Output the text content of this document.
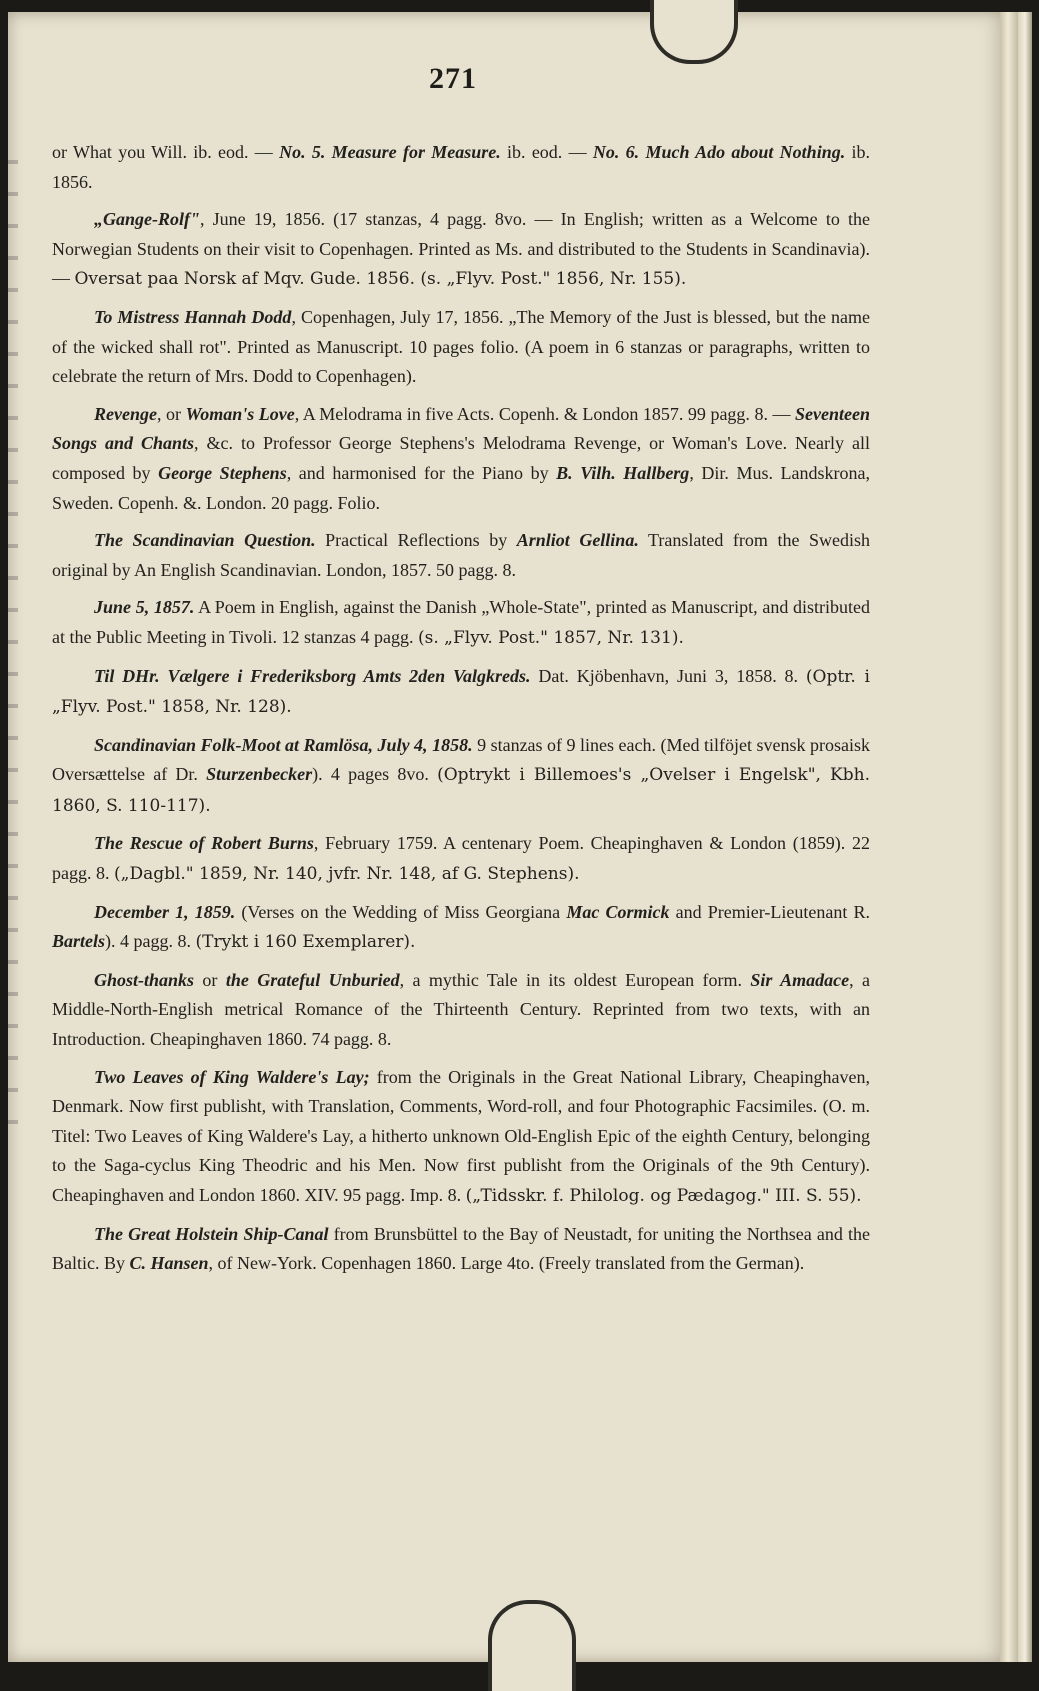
271

or What you Will. ib. eod. — No. 5. Measure for Measure. ib. eod. — No. 6. Much Ado about Nothing. ib. 1856.

„Gange-Rolf", June 19, 1856. (17 stanzas, 4 pagg. 8vo. — In English; written as a Welcome to the Norwegian Students on their visit to Copenhagen. Printed as Ms. and distributed to the Students in Scandinavia). — Oversat paa Norsk af Mqv. Gude. 1856. (s. „Flyv. Post." 1856, Nr. 155).

To Mistress Hannah Dodd, Copenhagen, July 17, 1856. „The Memory of the Just is blessed, but the name of the wicked shall rot". Printed as Manuscript. 10 pages folio. (A poem in 6 stanzas or paragraphs, written to celebrate the return of Mrs. Dodd to Copenhagen).

Revenge, or Woman's Love, A Melodrama in five Acts. Copenh. & London 1857. 99 pagg. 8. — Seventeen Songs and Chants, &c. to Professor George Stephens's Melodrama Revenge, or Woman's Love. Nearly all composed by George Stephens, and harmonised for the Piano by B. Vilh. Hallberg, Dir. Mus. Landskrona, Sweden. Copenh. &. London. 20 pagg. Folio.

The Scandinavian Question. Practical Reflections by Arnliot Gellina. Translated from the Swedish original by An English Scandinavian. London, 1857. 50 pagg. 8.

June 5, 1857. A Poem in English, against the Danish „Whole-State", printed as Manuscript, and distributed at the Public Meeting in Tivoli. 12 stanzas 4 pagg. (s. „Flyv. Post." 1857, Nr. 131).

Til DHr. Vælgere i Frederiksborg Amts 2den Valgkreds. Dat. Kjöbenhavn, Juni 3, 1858. 8. (Optr. i „Flyv. Post." 1858, Nr. 128).

Scandinavian Folk-Moot at Ramlösa, July 4, 1858. 9 stanzas of 9 lines each. (Med tilföjet svensk prosaisk Oversættelse af Dr. Sturzenbecker). 4 pages 8vo. (Optrykt i Billemoes's „Ovelser i Engelsk", Kbh. 1860, S. 110-117).

The Rescue of Robert Burns, February 1759. A centenary Poem. Cheapinghaven & London (1859). 22 pagg. 8. („Dagbl." 1859, Nr. 140, jvfr. Nr. 148, af G. Stephens).

December 1, 1859. (Verses on the Wedding of Miss Georgiana Mac Cormick and Premier-Lieutenant R. Bartels). 4 pagg. 8. (Trykt i 160 Exemplarer).

Ghost-thanks or the Grateful Unburied, a mythic Tale in its oldest European form. Sir Amadace, a Middle-North-English metrical Romance of the Thirteenth Century. Reprinted from two texts, with an Introduction. Cheapinghaven 1860. 74 pagg. 8.

Two Leaves of King Waldere's Lay; from the Originals in the Great National Library, Cheapinghaven, Denmark. Now first publisht, with Translation, Comments, Word-roll, and four Photographic Facsimiles. (O. m. Titel: Two Leaves of King Waldere's Lay, a hitherto unknown Old-English Epic of the eighth Century, belonging to the Saga-cyclus King Theodric and his Men. Now first publisht from the Originals of the 9th Century). Cheapinghaven and London 1860. XIV. 95 pagg. Imp. 8. („Tidsskr. f. Philolog. og Pædagog." III. S. 55).

The Great Holstein Ship-Canal from Brunsbüttel to the Bay of Neustadt, for uniting the Northsea and the Baltic. By C. Hansen, of New-York. Copenhagen 1860. Large 4to. (Freely translated from the German).
